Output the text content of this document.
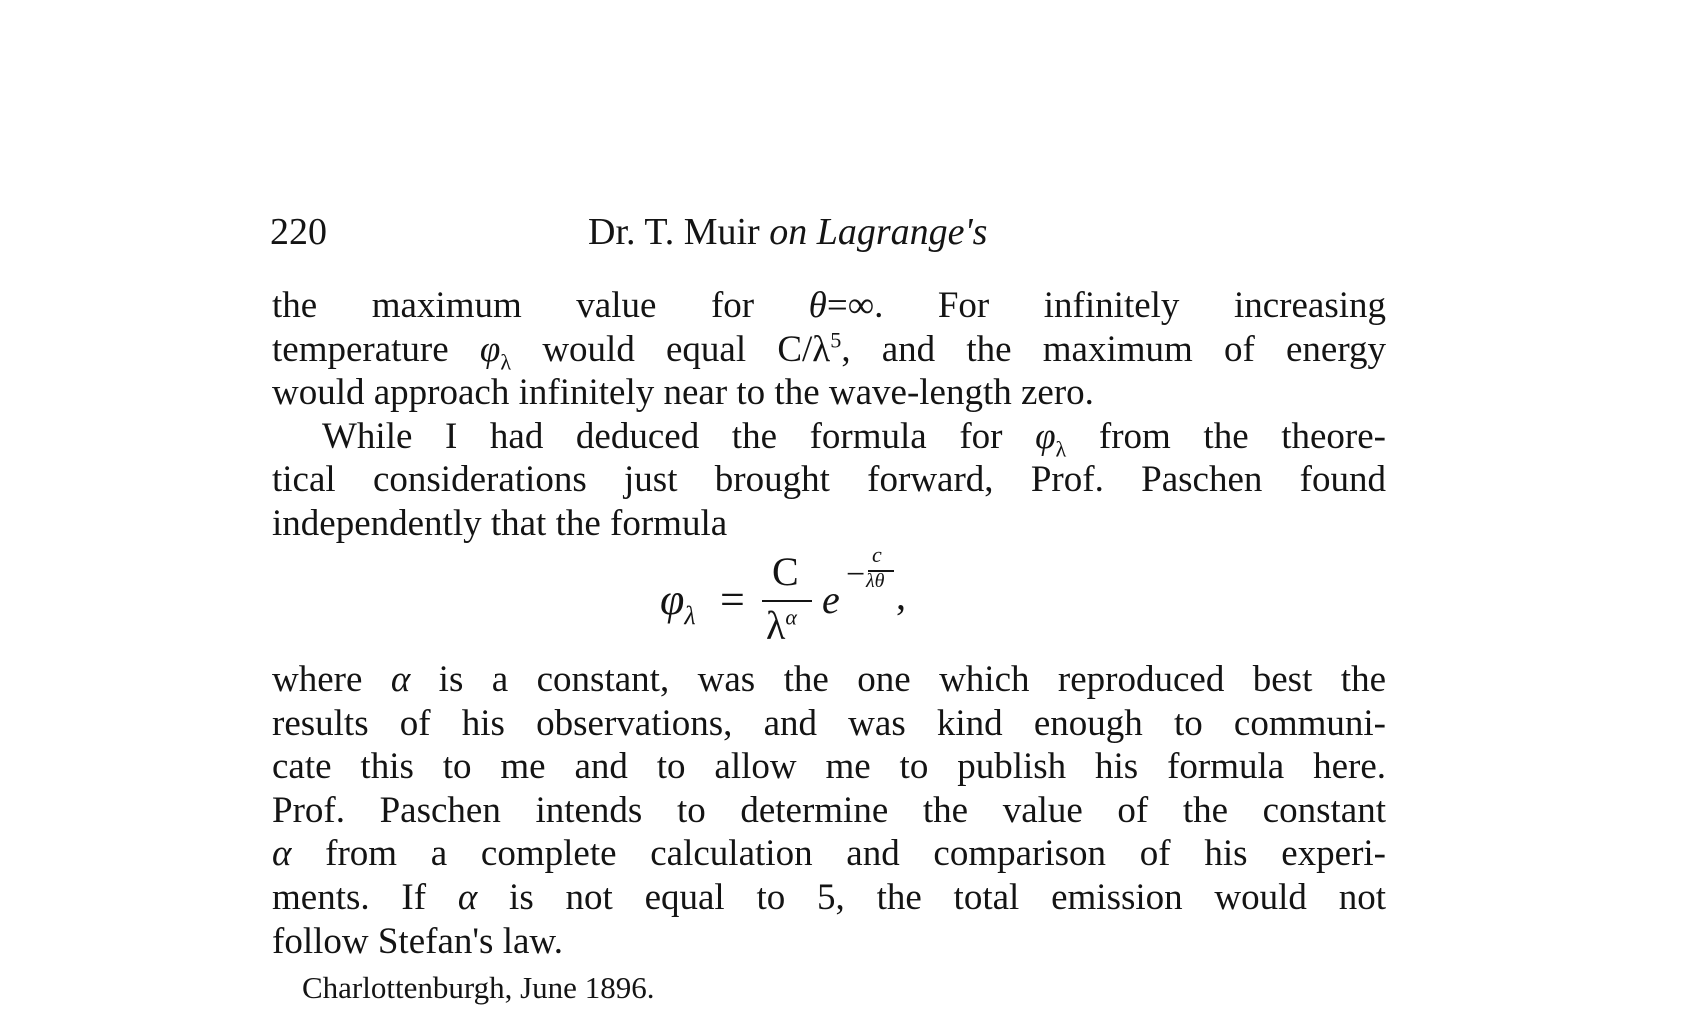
220	Dr. T. Muir on Lagrange's
the maximum value for θ=∞. For infinitely increasing
temperature $\varphi_\lambda$ would equal $C/\lambda^5$, and the maximum of energy
would approach infinitely near to the wave-length zero.
While I had deduced the formula for $\varphi_\lambda$ from the theore-
tical considerations just brought forward, Prof. Paschen found
independently that the formula
where α is a constant, was the one which reproduced best the
results of his observations, and was kind enough to communi-
cate this to me and to allow me to publish his formula here.
Prof. Paschen intends to determine the value of the constant
α from a complete calculation and comparison of his experi-
ments. If α is not equal to 5, the total emission would not
follow Stefan's law.
$\varphi_\lambda$ =
C
$\lambda^\alpha$ e
−
c
λθ ,
Charlottenburgh, June 1896.
